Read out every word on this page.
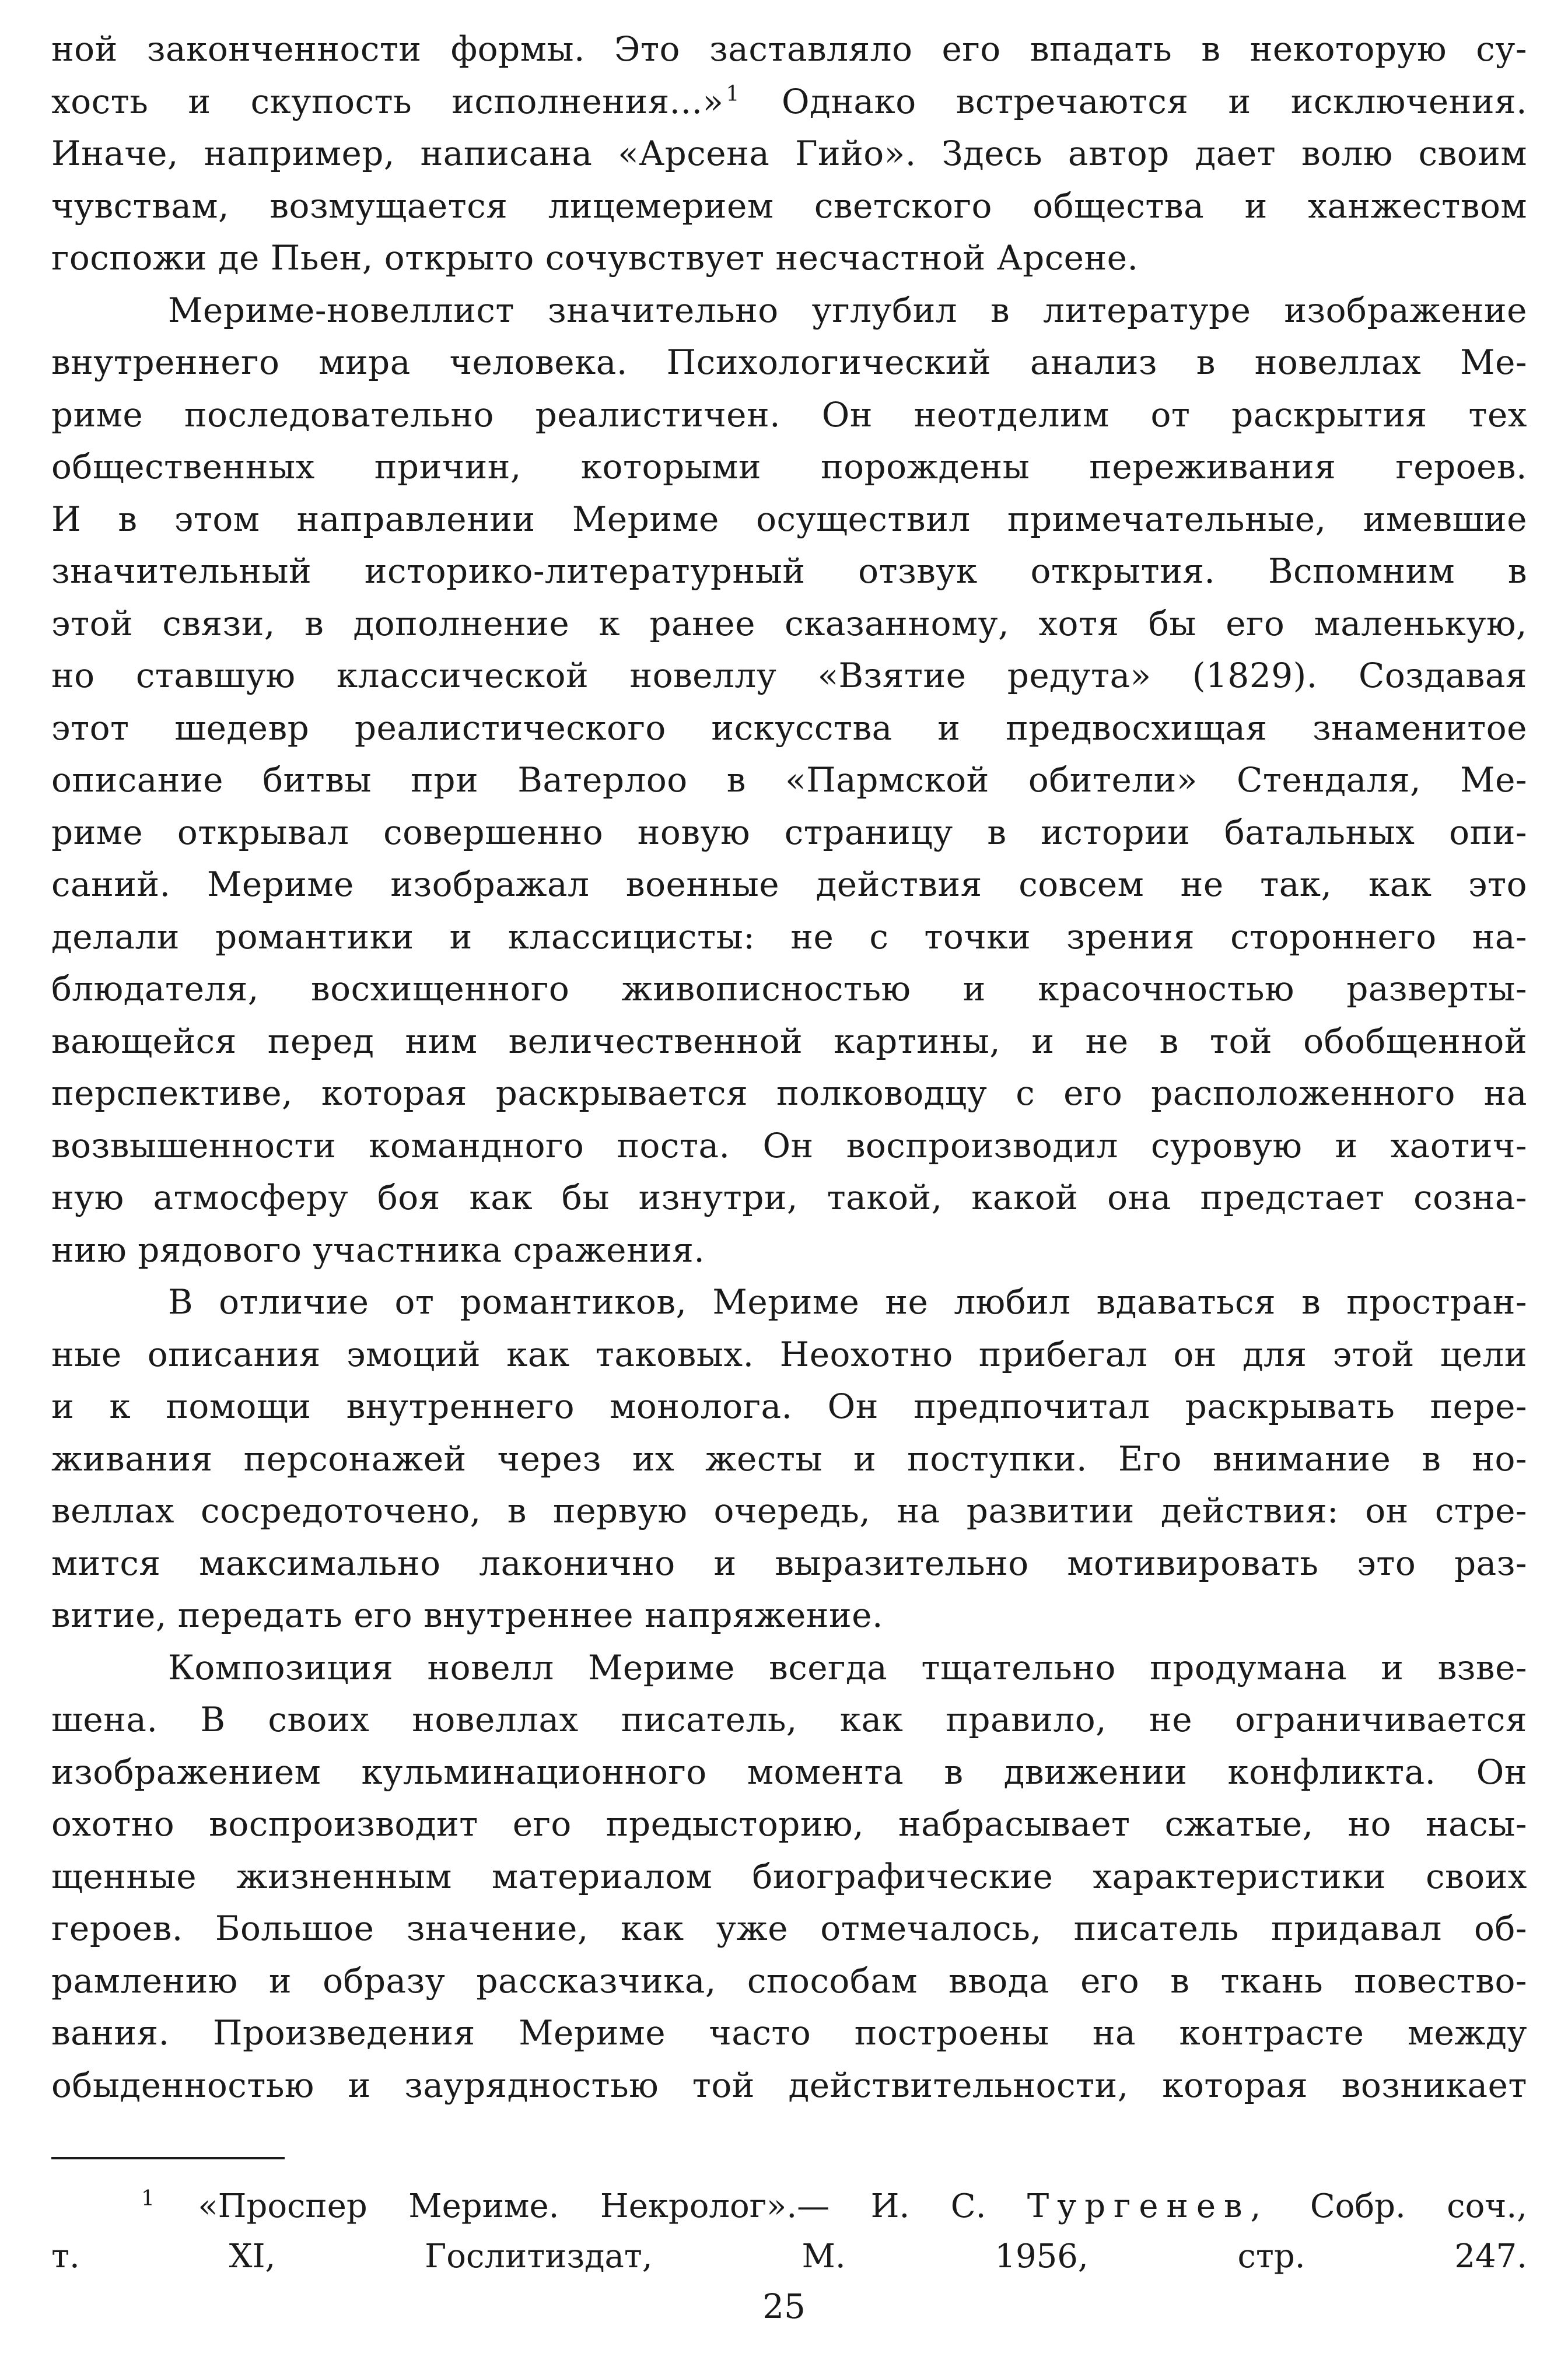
ной законченности формы. Это заставляло его впадать в некоторую су-
хость и скупость исполнения...» $^1$ Однако встречаются и исключения.
Иначе, например, написана «Арсена Гийо». Здесь автор дает волю своим
чувствам, возмущается лицемерием светского общества и ханжеством
госпожи де Пьен, открыто сочувствует несчастной Арсене.
Мериме-новеллист значительно углубил в литературе изображение
внутреннего мира человека. Психологический анализ в новеллах Ме-
риме последовательно реалистичен. Он неотделим от раскрытия тех
общественных причин, которыми порождены переживания героев.
И в этом направлении Мериме осуществил примечательные, имевшие
значительный историко-литературный отзвук открытия. Вспомним в
этой связи, в дополнение к ранее сказанному, хотя бы его маленькую,
но ставшую классической новеллу «Взятие редута» (1829). Создавая
этот шедевр реалистического искусства и предвосхищая знаменитое
описание битвы при Ватерлоо в «Пармской обители» Стендаля, Ме-
риме открывал совершенно новую страницу в истории батальных опи-
саний. Мериме изображал военные действия совсем не так, как это
делали романтики и классицисты: не с точки зрения стороннего на-
блюдателя, восхищенного живописностью и красочностью разверты-
вающейся перед ним величественной картины, и не в той обобщенной
перспективе, которая раскрывается полководцу с его расположенного на
возвышенности командного поста. Он воспроизводил суровую и хаотич-
ную атмосферу боя как бы изнутри, такой, какой она предстает созна-
нию рядового участника сражения.
В отличие от романтиков, Мериме не любил вдаваться в простран-
ные описания эмоций как таковых. Неохотно прибегал он для этой цели
и к помощи внутреннего монолога. Он предпочитал раскрывать пере-
живания персонажей через их жесты и поступки. Его внимание в но-
веллах сосредоточено, в первую очередь, на развитии действия: он стре-
мится максимально лаконично и выразительно мотивировать это раз-
витие, передать его внутреннее напряжение.
Композиция новелл Мериме всегда тщательно продумана и взве-
шена. В своих новеллах писатель, как правило, не ограничивается
изображением кульминационного момента в движении конфликта. Он
охотно воспроизводит его предысторию, набрасывает сжатые, но насы-
щенные жизненным материалом биографические характеристики своих
героев. Большое значение, как уже отмечалось, писатель придавал об-
рамлению и образу рассказчика, способам ввода его в ткань повество-
вания. Произведения Мериме часто построены на контрасте между
обыденностью и заурядностью той действительности, которая возникает
$^1$ «Проспер Мериме. Некролог».— И. С. Тургенев, Собр. соч.,
т. XI, Гослитиздат, М. 1956, стр. 247.
25
